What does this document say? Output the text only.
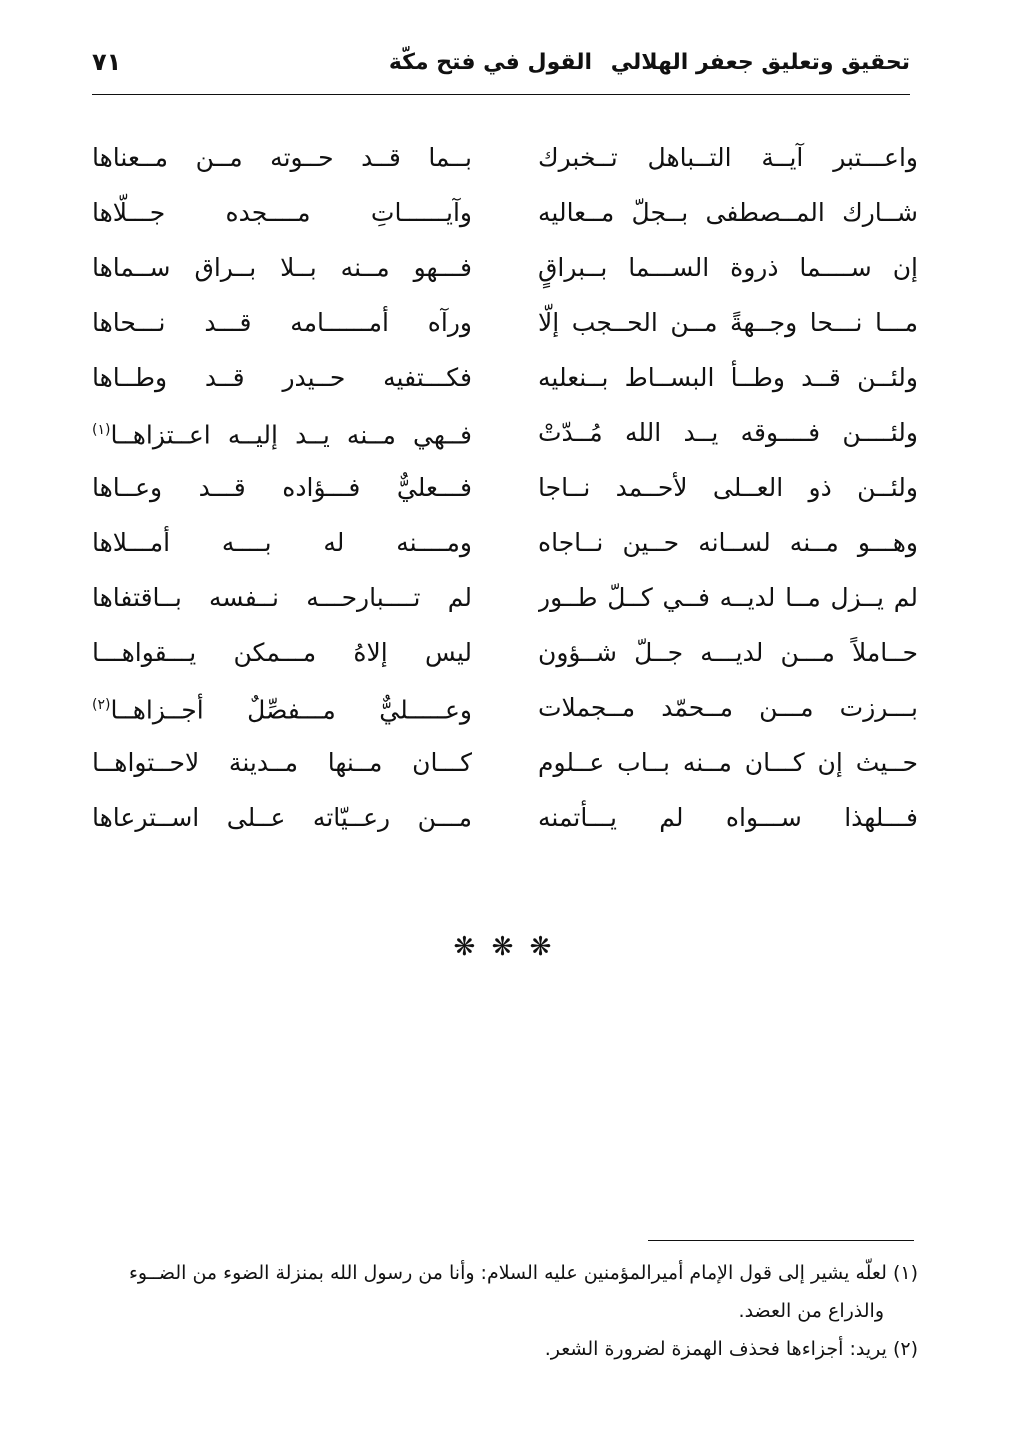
تحقيق وتعليق جعفر الهلالي
القول في فتح مكّة
٧١
واعـــتبر آيــة التــباهل تــخبرك
بــما قــد حــوته مــن مــعناها
شــارك المــصطفى بــجلّ مــعاليه
وآيــــــاتِ مــــجده جـــلّاها
إن ســــما ذروة الســـما بــبراقٍ
فـــهو مــنه بــلا بــراق ســماها
مـــا نـــحا وجــهةً مــن الحــجب إلّا
ورآه أمــــــامه قـــد نـــحاها
ولئــن قــد وطــأ البســاط بــنعليه
فكـــتفيه حــيدر قــد وطــاها
ولئــــن فــــوقه يــد الله مُــدّتْ
فــهي مــنه يــد إليــه اعــتزاهــا$^{(١)}$
ولئــن ذو العــلى لأحــمد نــاجا
فـــعليٌّ فـــؤاده قـــد وعــاها
وهـــو مــنه لســانه حــين نــاجاه
ومــــنه له بــــه أمـــلاها
لم يــزل مــا لديــه فــي كــلّ طــور
لم تــــبارحـــه نــفسه بــاقتفاها
حــاملاً مـــن لديـــه جــلّ شــؤون
ليس إلاهُ مـــمكن يـــقواهـــا
بـــرزت مـــن مــحمّد مــجملات
وعـــــليٌّ مـــفصِّلٌ أجــزاهــا$^{(٢)}$
حــيث إن كـــان مــنه بــاب عــلوم
كـــان مــنها مــدينة لاحــتواهــا
فـــلهذا ســـواه لم يـــأتمنه
مـــن رعــيّاته عــلى اســترعاها
❋ ❋ ❋

(١) لعلّه يشير إلى قول الإمام أميرالمؤمنين عليه السلام: وأنا من رسول الله بمنزلة الضوء من الضــوء
والذراع من العضد.

(٢) يريد: أجزاءها فحذف الهمزة لضرورة الشعر.
